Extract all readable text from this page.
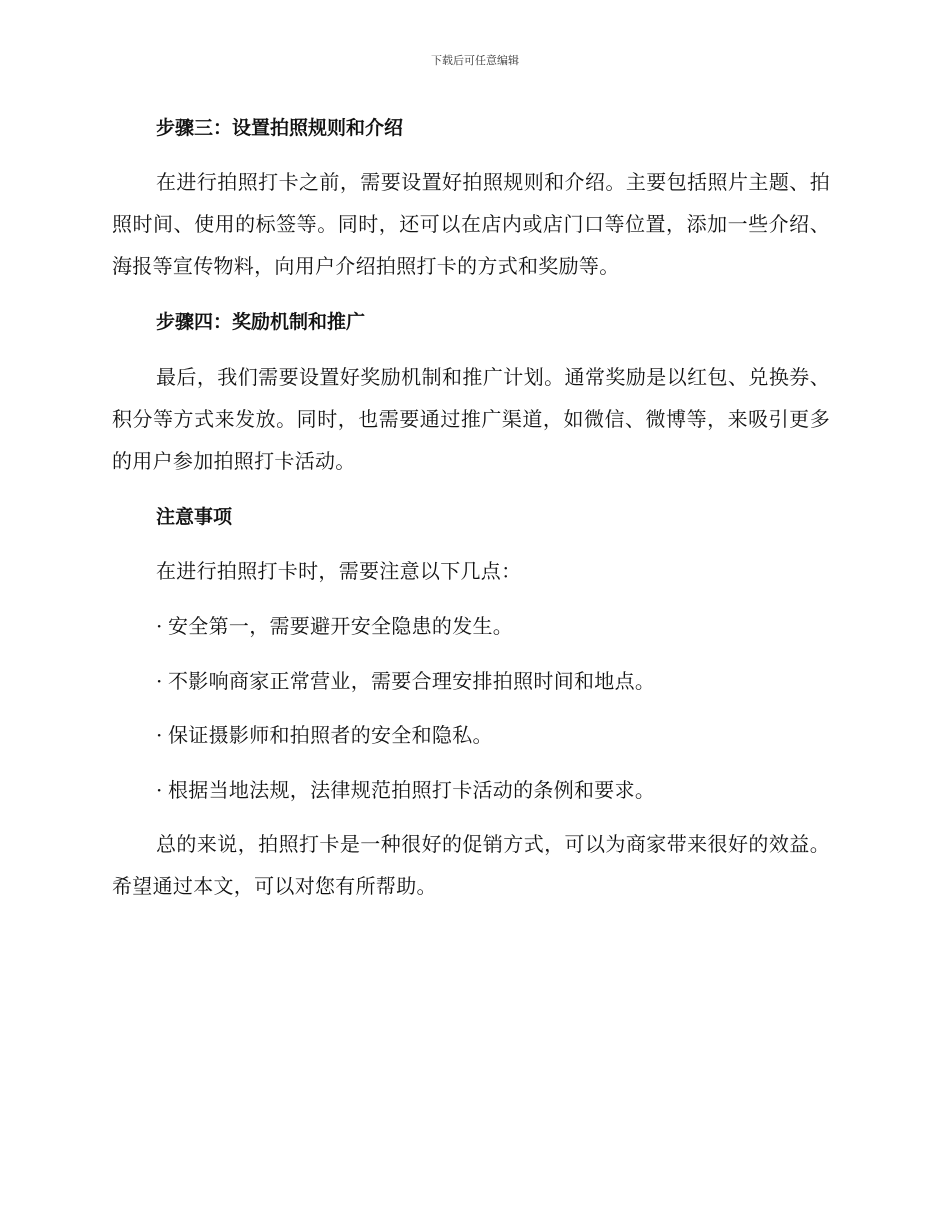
下载后可任意编辑
步骤三：设置拍照规则和介绍
在进行拍照打卡之前，需要设置好拍照规则和介绍。主要包括照片主题、拍照时间、使用的标签等。同时，还可以在店内或店门口等位置，添加一些介绍、海报等宣传物料，向用户介绍拍照打卡的方式和奖励等。
步骤四：奖励机制和推广
最后，我们需要设置好奖励机制和推广计划。通常奖励是以红包、兑换券、积分等方式来发放。同时，也需要通过推广渠道，如微信、微博等，来吸引更多的用户参加拍照打卡活动。
注意事项
在进行拍照打卡时，需要注意以下几点：
· 安全第一，需要避开安全隐患的发生。
· 不影响商家正常营业，需要合理安排拍照时间和地点。
· 保证摄影师和拍照者的安全和隐私。
· 根据当地法规，法律规范拍照打卡活动的条例和要求。
总的来说，拍照打卡是一种很好的促销方式，可以为商家带来很好的效益。希望通过本文，可以对您有所帮助。
